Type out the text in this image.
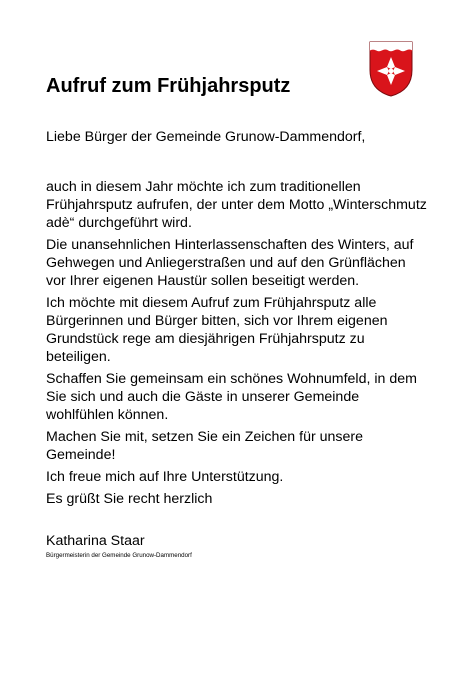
Aufruf zum Frühjahrsputz
Liebe Bürger der Gemeinde Grunow-Dammendorf,

auch in diesem Jahr möchte ich zum traditionellen Frühjahrsputz aufrufen, der unter dem Motto „Winterschmutz adè“ durchgeführt wird.

Die unansehnlichen Hinterlassenschaften des Winters, auf Gehwegen und Anliegerstraßen und auf den Grünflächen vor Ihrer eigenen Haustür sollen beseitigt werden.

Ich möchte mit diesem Aufruf zum Frühjahrsputz alle Bürgerinnen und Bürger bitten, sich vor Ihrem eigenen Grundstück rege am diesjährigen Frühjahrsputz zu beteiligen.

Schaffen Sie gemeinsam ein schönes Wohnumfeld, in dem Sie sich und auch die Gäste in unserer Gemeinde wohlfühlen können.

Machen Sie mit, setzen Sie ein Zeichen für unsere Gemeinde!

Ich freue mich auf Ihre Unterstützung.

Es grüßt Sie recht herzlich

Katharina Staar
Bürgermeisterin der Gemeinde Grunow-Dammendorf
